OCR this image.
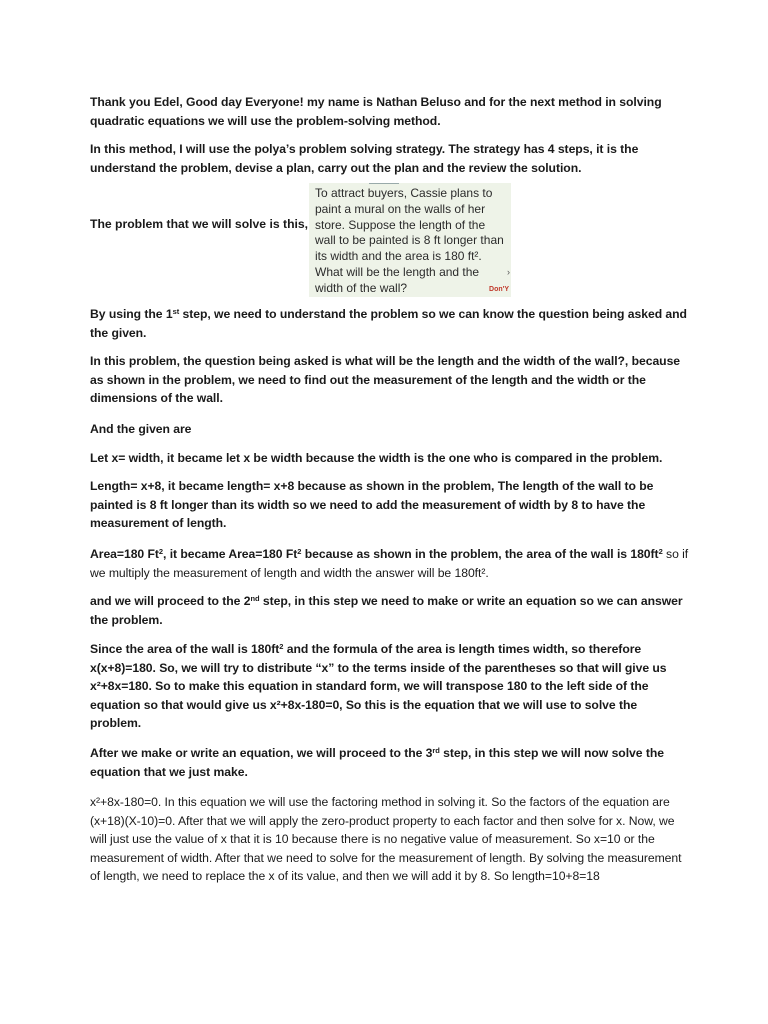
Thank you Edel, Good day Everyone! my name is Nathan Beluso and for the next method in solving quadratic equations we will use the problem-solving method.

In this method, I will use the polya’s problem solving strategy. The strategy has 4 steps, it is the understand the problem, devise a plan, carry out the plan and the review the solution.

The problem that we will solve is this,
To attract buyers, Cassie plans to paint a mural on the walls of her store. Suppose the length of the wall to be painted is 8 ft longer than its width and the area is 180 ft². What will be the length and the width of the wall?
›
Don'​Y

By using the 1st step, we need to understand the problem so we can know the question being asked and the given.

In this problem, the question being asked is what will be the length and the width of the wall?, because as shown in the problem, we need to find out the measurement of the length and the width or the dimensions of the wall.

And the given are

Let x= width, it became let x be width because the width is the one who is compared in the problem.

Length= x+8, it became length= x+8 because as shown in the problem, The length of the wall to be painted is 8 ft longer than its width so we need to add the measurement of width by 8 to have the measurement of length.

Area=180 Ft$^2$, it became Area=180 Ft$^2$ because as shown in the problem, the area of the wall is $180ft^2$ so if we multiply the measurement of length and width the answer will be 180ft².

and we will proceed to the 2nd step, in this step we need to make or write an equation so we can answer the problem.

Since the area of the wall is $180ft^2$ and the formula of the area is length times width, so therefore x(x+8)=180. So, we will try to distribute “x” to the terms inside of the parentheses so that will give us x²+8x=180. So to make this equation in standard form, we will transpose 180 to the left side of the equation so that would give us x²+8x-180=0, So this is the equation that we will use to solve the problem.

After we make or write an equation, we will proceed to the 3rd step, in this step we will now solve the equation that we just make.

x²+8x-180=0. In this equation we will use the factoring method in solving it. So the factors of the equation are (x+18)(X-10)=0. After that we will apply the zero-product property to each factor and then solve for x. Now, we will just use the value of x that it is 10 because there is no negative value of measurement. So x=10 or the measurement of width. After that we need to solve for the measurement of length. By solving the measurement of length, we need to replace the x of its value, and then we will add it by 8. So length=10+8=18
